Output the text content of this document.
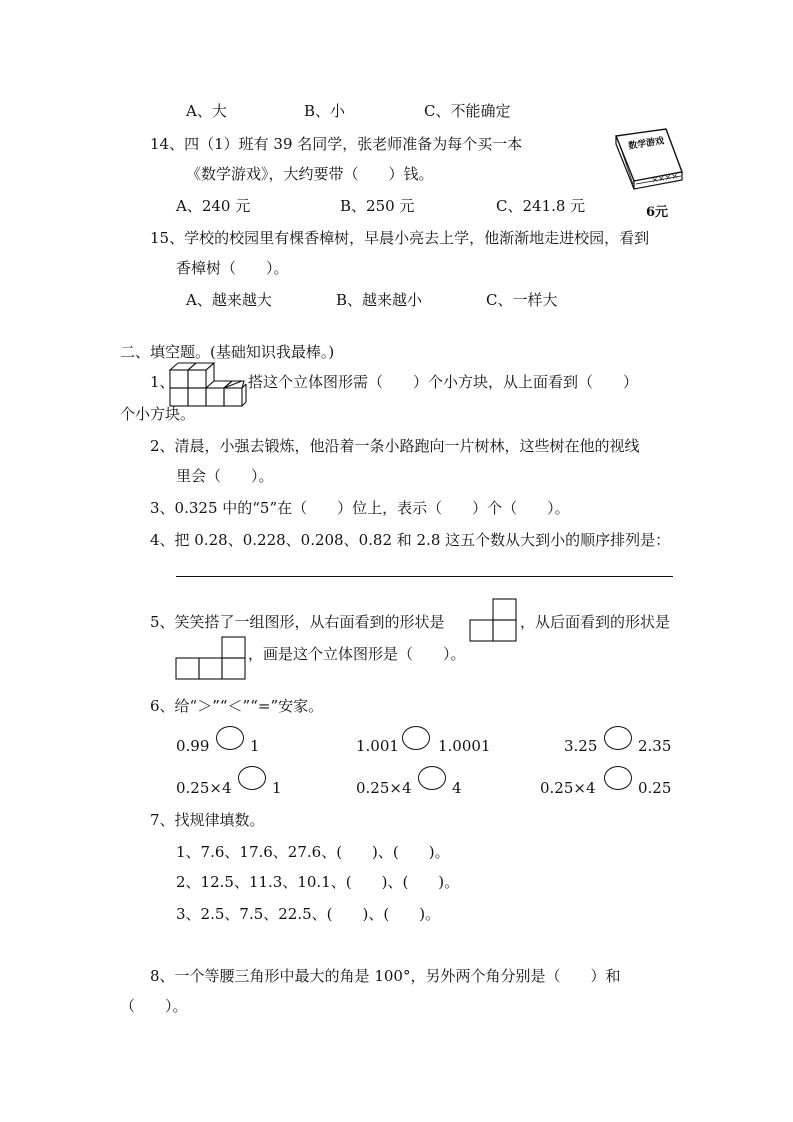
A、大	B、小	C、不能确定
14、四（1）班有 39 名同学，张老师准备为每个买一本
《数学游戏》，大约要带（　　）钱。
A、240 元	B、250 元	C、241.8 元
数学游戏
××××
6元
15、学校的校园里有棵香樟树，早晨小亮去上学，他渐渐地走进校园，看到
香樟树（　　）。
A、越来越大	B、越来越小	C、一样大
二、填空题。(基础知识我最棒。)
1、	搭这个立体图形需（　　）个小方块，从上面看到（　　）
个小方块。
2、清晨，小强去锻炼，他沿着一条小路跑向一片树林，这些树在他的视线
里会（　　）。
3、0.325 中的“5”在（　　）位上，表示（　　）个（　　）。
4、把 0.28、0.228、0.208、0.82 和 2.8 这五个数从大到小的顺序排列是：
5、笑笑搭了一组图形，从右面看到的形状是	，从后面看到的形状是
，画是这个立体图形是（　　）。
6、给“＞”“＜”“=”安家。
0.99	1	1.001	1.0001	3.25	2.35
0.25×4	1	0.25×4	4	0.25×4	0.25
7、找规律填数。
1、7.6、17.6、27.6、(　　)、(　　)。
2、12.5、11.3、10.1、(　　)、(　　)。
3、2.5、7.5、22.5、(　　)、(　　)。
8、一个等腰三角形中最大的角是 100°，另外两个角分别是（　　）和
（　　）。
